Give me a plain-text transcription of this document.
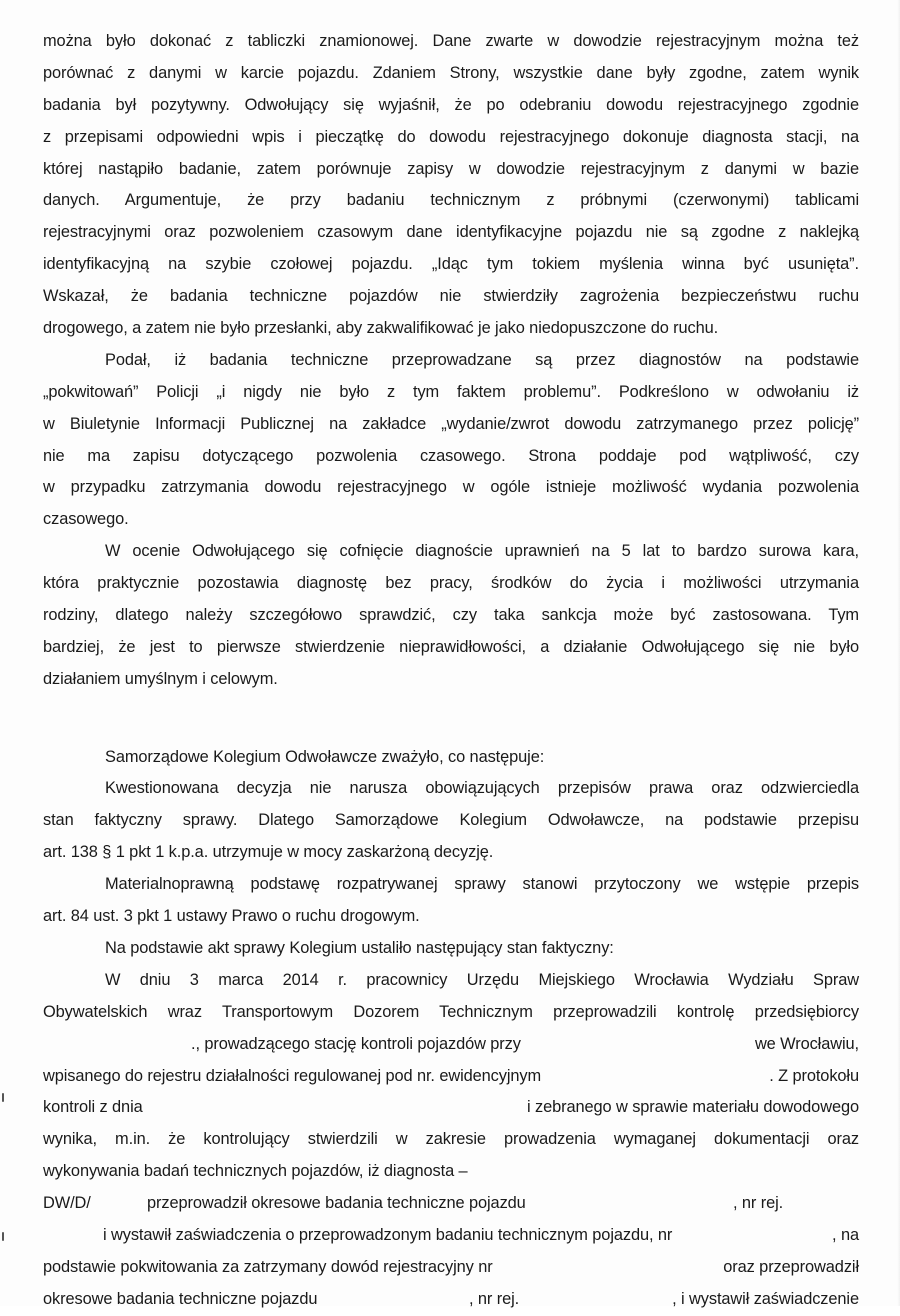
można było dokonać z tabliczki znamionowej. Dane zwarte w dowodzie rejestracyjnym można też
porównać z danymi w karcie pojazdu. Zdaniem Strony, wszystkie dane były zgodne, zatem wynik
badania był pozytywny. Odwołujący się wyjaśnił, że po odebraniu dowodu rejestracyjnego zgodnie
z przepisami odpowiedni wpis i pieczątkę do dowodu rejestracyjnego dokonuje diagnosta stacji, na
której nastąpiło badanie, zatem porównuje zapisy w dowodzie rejestracyjnym z danymi w bazie
danych. Argumentuje, że przy badaniu technicznym z próbnymi (czerwonymi) tablicami
rejestracyjnymi oraz pozwoleniem czasowym dane identyfikacyjne pojazdu nie są zgodne z naklejką
identyfikacyjną na szybie czołowej pojazdu. „Idąc tym tokiem myślenia winna być usunięta”.
Wskazał, że badania techniczne pojazdów nie stwierdziły zagrożenia bezpieczeństwu ruchu
drogowego, a zatem nie było przesłanki, aby zakwalifikować je jako niedopuszczone do ruchu.
Podał, iż badania techniczne przeprowadzane są przez diagnostów na podstawie
„pokwitowań” Policji „i nigdy nie było z tym faktem problemu”. Podkreślono w odwołaniu iż
w Biuletynie Informacji Publicznej na zakładce „wydanie/zwrot dowodu zatrzymanego przez policję”
nie ma zapisu dotyczącego pozwolenia czasowego. Strona poddaje pod wątpliwość, czy
w przypadku zatrzymania dowodu rejestracyjnego w ogóle istnieje możliwość wydania pozwolenia
czasowego.
W ocenie Odwołującego się cofnięcie diagnoście uprawnień na 5 lat to bardzo surowa kara,
która praktycznie pozostawia diagnostę bez pracy, środków do życia i możliwości utrzymania
rodziny, dlatego należy szczegółowo sprawdzić, czy taka sankcja może być zastosowana. Tym
bardziej, że jest to pierwsze stwierdzenie nieprawidłowości, a działanie Odwołującego się nie było
działaniem umyślnym i celowym.
Samorządowe Kolegium Odwoławcze zważyło, co następuje:
Kwestionowana decyzja nie narusza obowiązujących przepisów prawa oraz odzwierciedla
stan faktyczny sprawy. Dlatego Samorządowe Kolegium Odwoławcze, na podstawie przepisu
art. 138 § 1 pkt 1 k.p.a. utrzymuje w mocy zaskarżoną decyzję.
Materialnoprawną podstawę rozpatrywanej sprawy stanowi przytoczony we wstępie przepis
art. 84 ust. 3 pkt 1 ustawy Prawo o ruchu drogowym.
Na podstawie akt sprawy Kolegium ustaliło następujący stan faktyczny:
W dniu 3 marca 2014 r. pracownicy Urzędu Miejskiego Wrocławia Wydziału Spraw
Obywatelskich wraz Transportowym Dozorem Technicznym przeprowadzili kontrolę przedsiębiorcy
., prowadzącego stację kontroli pojazdów przy	we Wrocławiu,
wpisanego do rejestru działalności regulowanej pod nr. ewidencyjnym	. Z protokołu
kontroli z dnia	i zebranego w sprawie materiału dowodowego
wynika, m.in. że kontrolujący stwierdzili w zakresie prowadzenia wymaganej dokumentacji oraz
wykonywania badań technicznych pojazdów, iż diagnosta –
DW/D/	przeprowadził okresowe badania techniczne pojazdu	, nr rej.
i wystawił zaświadczenia o przeprowadzonym badaniu technicznym pojazdu, nr	, na
podstawie pokwitowania za zatrzymany dowód rejestracyjny nr	oraz przeprowadził
okresowe badania techniczne pojazdu	, nr rej.	, i wystawił zaświadczenie
